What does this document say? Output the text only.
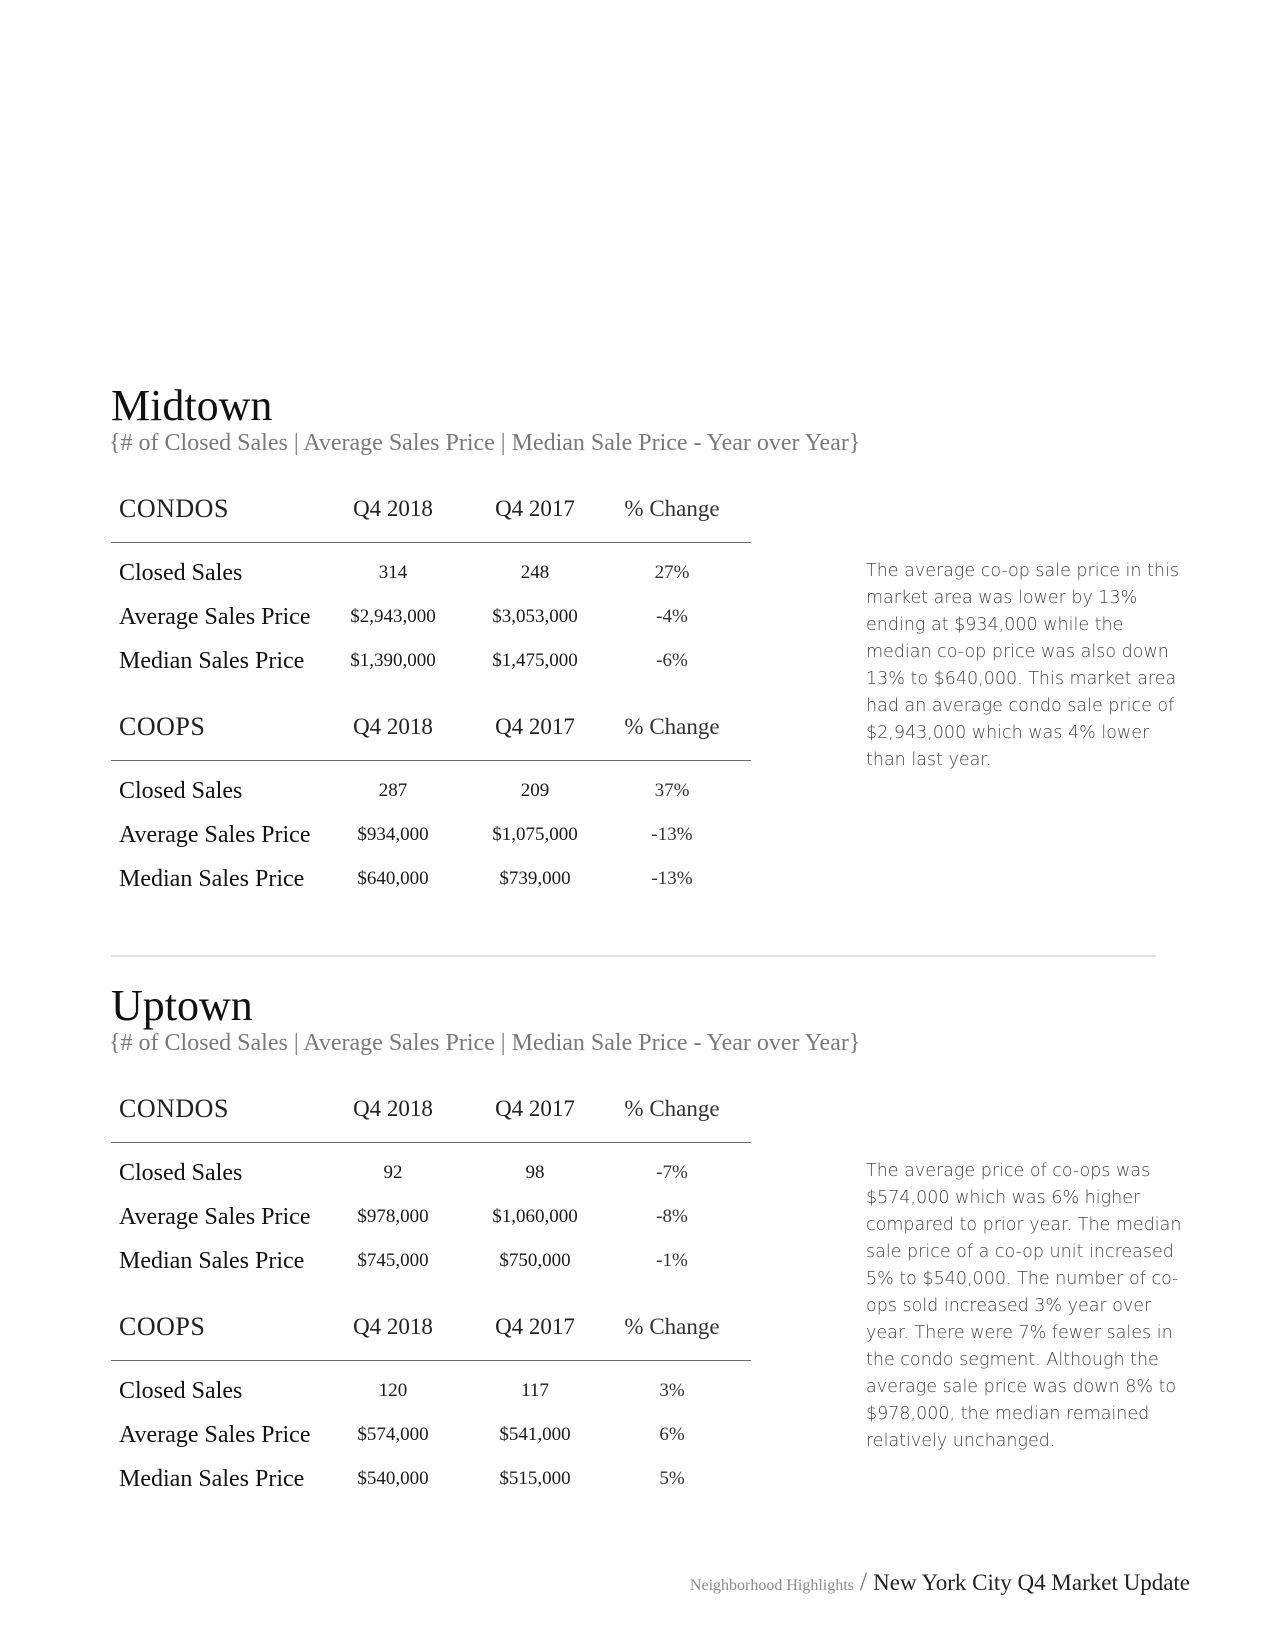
Midtown
{# of Closed Sales | Average Sales Price | Median Sale Price - Year over Year}
CONDOS	Q4 2018	Q4 2017	% Change
Closed Sales	314	248	27%
Average Sales Price	$2,943,000	$3,053,000	-4%
Median Sales Price	$1,390,000	$1,475,000	-6%
COOPS	Q4 2018	Q4 2017	% Change
Closed Sales	287	209	37%
Average Sales Price	$934,000	$1,075,000	-13%
Median Sales Price	$640,000	$739,000	-13%
The average co-op sale price in this market area was lower by 13% ending at $934,000 while the median co-op price was also down 13% to $640,000. This market area had an average condo sale price of $2,943,000 which was 4% lower than last year.
Uptown
{# of Closed Sales | Average Sales Price | Median Sale Price - Year over Year}
CONDOS	Q4 2018	Q4 2017	% Change
Closed Sales	92	98	-7%
Average Sales Price	$978,000	$1,060,000	-8%
Median Sales Price	$745,000	$750,000	-1%
COOPS	Q4 2018	Q4 2017	% Change
Closed Sales	120	117	3%
Average Sales Price	$574,000	$541,000	6%
Median Sales Price	$540,000	$515,000	5%
The average price of co-ops was $574,000 which was 6% higher compared to prior year. The median sale price of a co-op unit increased 5% to $540,000. The number of co-ops sold increased 3% year over year. There were 7% fewer sales in the condo segment. Although the average sale price was down 8% to $978,000, the median remained relatively unchanged.
Neighborhood Highlights / New York City Q4 Market Update
